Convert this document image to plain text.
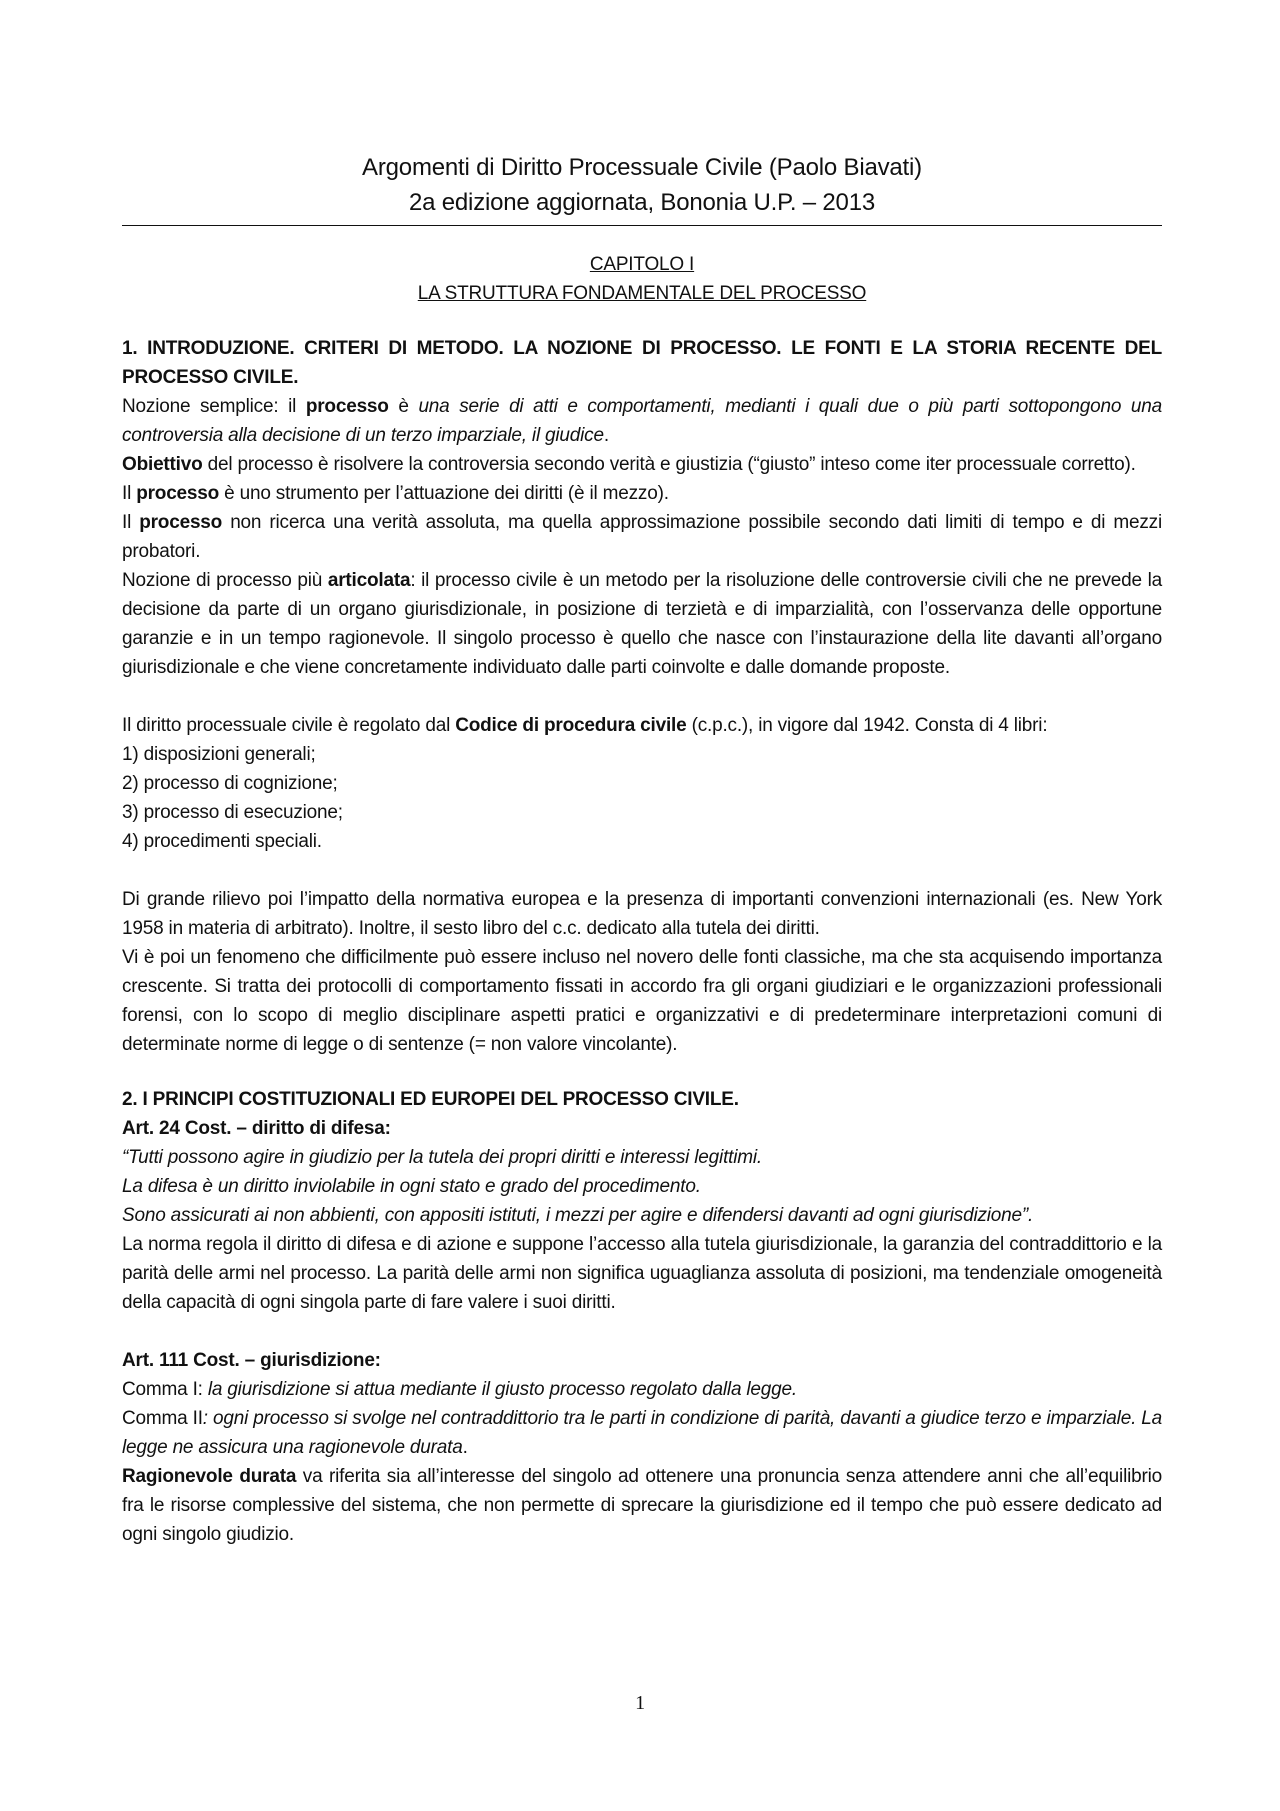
Argomenti di Diritto Processuale Civile (Paolo Biavati)
2a edizione aggiornata, Bononia U.P. – 2013
CAPITOLO I
LA STRUTTURA FONDAMENTALE DEL PROCESSO

1. INTRODUZIONE. CRITERI DI METODO. LA NOZIONE DI PROCESSO. LE FONTI E LA STORIA RECENTE DEL PROCESSO CIVILE.

Nozione semplice: il processo è una serie di atti e comportamenti, medianti i quali due o più parti sottopongono una controversia alla decisione di un terzo imparziale, il giudice.

Obiettivo del processo è risolvere la controversia secondo verità e giustizia (“giusto” inteso come iter processuale corretto).

Il processo è uno strumento per l’attuazione dei diritti (è il mezzo).

Il processo non ricerca una verità assoluta, ma quella approssimazione possibile secondo dati limiti di tempo e di mezzi probatori.

Nozione di processo più articolata: il processo civile è un metodo per la risoluzione delle controversie civili che ne prevede la decisione da parte di un organo giurisdizionale, in posizione di terzietà e di imparzialità, con l’osservanza delle opportune garanzie e in un tempo ragionevole. Il singolo processo è quello che nasce con l’instaurazione della lite davanti all’organo giurisdizionale e che viene concretamente individuato dalle parti coinvolte e dalle domande proposte.

Il diritto processuale civile è regolato dal Codice di procedura civile (c.p.c.), in vigore dal 1942. Consta di 4 libri:

1) disposizioni generali;

2) processo di cognizione;

3) processo di esecuzione;

4) procedimenti speciali.

Di grande rilievo poi l’impatto della normativa europea e la presenza di importanti convenzioni internazionali (es. New York 1958 in materia di arbitrato). Inoltre, il sesto libro del c.c. dedicato alla tutela dei diritti.

Vi è poi un fenomeno che difficilmente può essere incluso nel novero delle fonti classiche, ma che sta acquisendo importanza crescente. Si tratta dei protocolli di comportamento fissati in accordo fra gli organi giudiziari e le organizzazioni professionali forensi, con lo scopo di meglio disciplinare aspetti pratici e organizzativi e di predeterminare interpretazioni comuni di determinate norme di legge o di sentenze (= non valore vincolante).

2. I PRINCIPI COSTITUZIONALI ED EUROPEI DEL PROCESSO CIVILE.

Art. 24 Cost. – diritto di difesa:

“Tutti possono agire in giudizio per la tutela dei propri diritti e interessi legittimi.

La difesa è un diritto inviolabile in ogni stato e grado del procedimento.

Sono assicurati ai non abbienti, con appositi istituti, i mezzi per agire e difendersi davanti ad ogni giurisdizione”.

La norma regola il diritto di difesa e di azione e suppone l’accesso alla tutela giurisdizionale, la garanzia del contraddittorio e la parità delle armi nel processo. La parità delle armi non significa uguaglianza assoluta di posizioni, ma tendenziale omogeneità della capacità di ogni singola parte di fare valere i suoi diritti.

Art. 111 Cost. – giurisdizione:

Comma I: la giurisdizione si attua mediante il giusto processo regolato dalla legge.

Comma II: ogni processo si svolge nel contraddittorio tra le parti in condizione di parità, davanti a giudice terzo e imparziale. La legge ne assicura una ragionevole durata.

Ragionevole durata va riferita sia all’interesse del singolo ad ottenere una pronuncia senza attendere anni che all’equilibrio fra le risorse complessive del sistema, che non permette di sprecare la giurisdizione ed il tempo che può essere dedicato ad ogni singolo giudizio.

1
